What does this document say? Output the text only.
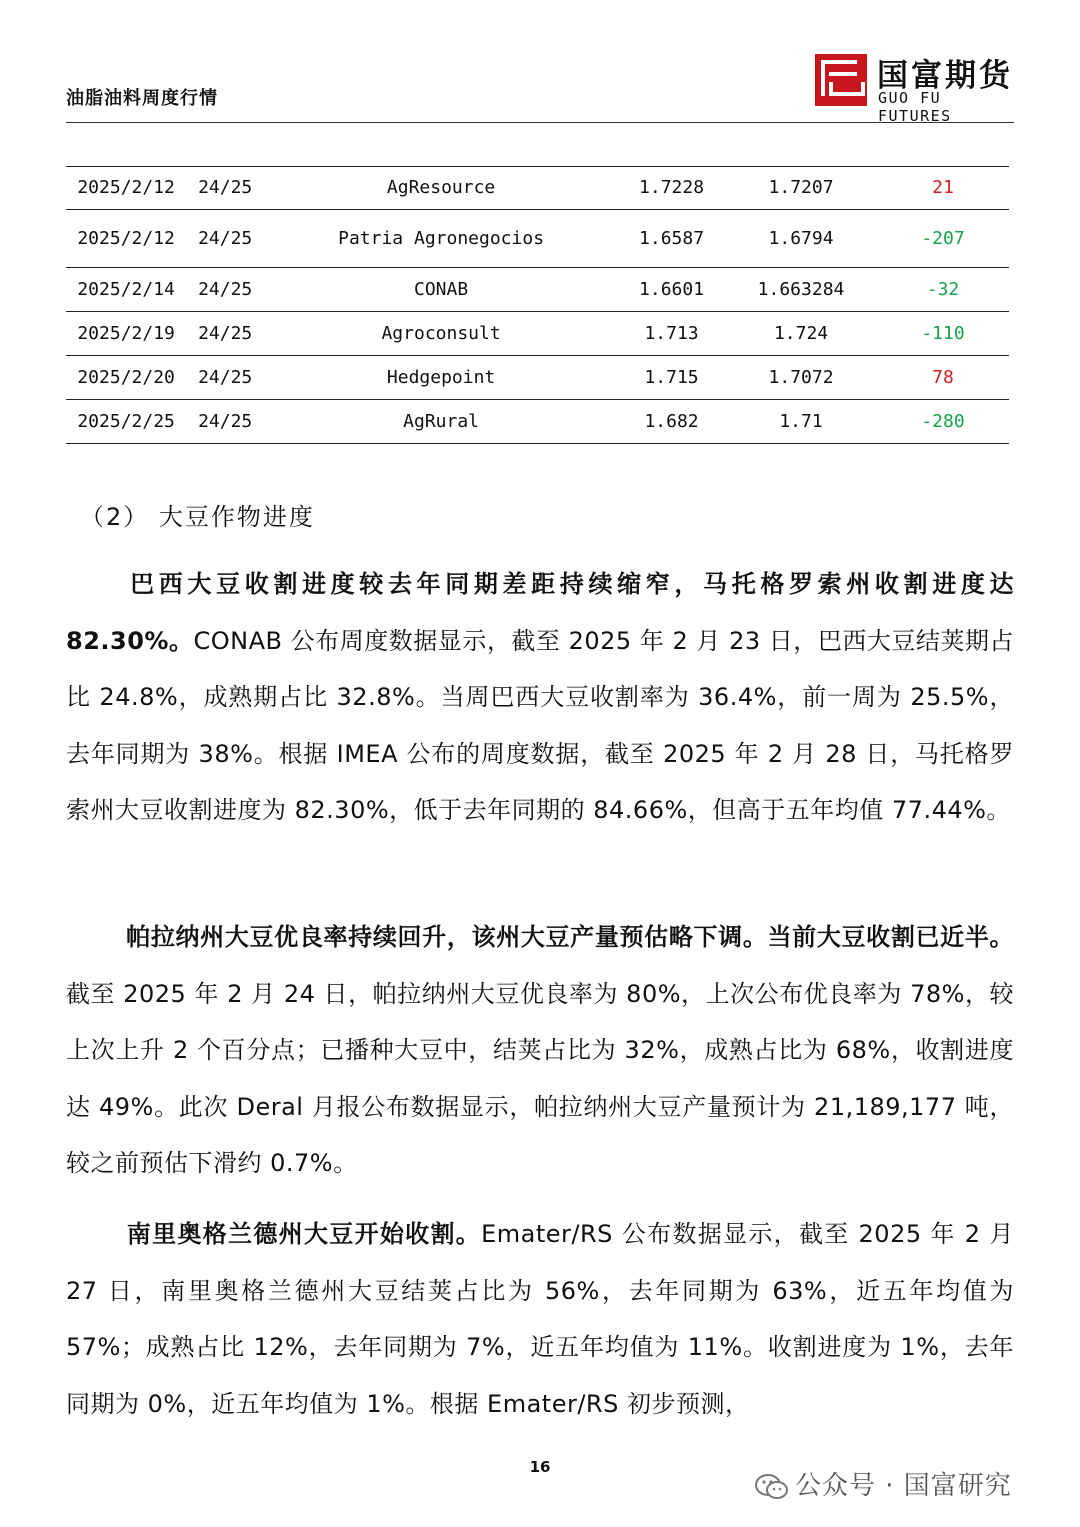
油脂油料周度行情
国富期货
GUO FU FUTURES
2025/2/12	24/25	AgResource	1.7228	1.7207	21
2025/2/12	24/25	Patria Agronegocios	1.6587	1.6794	-207
2025/2/14	24/25	CONAB	1.6601	1.663284	-32
2025/2/19	24/25	Agroconsult	1.713	1.724	-110
2025/2/20	24/25	Hedgepoint	1.715	1.7072	78
2025/2/25	24/25	AgRural	1.682	1.71	-280
（2） 大豆作物进度
巴西大豆收割进度较去年同期差距持续缩窄，马托格罗索州收割进度达 82.30%。CONAB 公布周度数据显示，截至 2025 年 2 月 23 日，巴西大豆结荚期占比 24.8%，成熟期占比 32.8%。当周巴西大豆收割率为 36.4%，前一周为 25.5%，去年同期为 38%。根据 IMEA 公布的周度数据，截至 2025 年 2 月 28 日，马托格罗索州大豆收割进度为 82.30%，低于去年同期的 84.66%，但高于五年均值 77.44%。
帕拉纳州大豆优良率持续回升，该州大豆产量预估略下调。当前大豆收割已近半。截至 2025 年 2 月 24 日，帕拉纳州大豆优良率为 80%，上次公布优良率为 78%，较上次上升 2 个百分点；已播种大豆中，结荚占比为 32%，成熟占比为 68%，收割进度达 49%。此次 Deral 月报公布数据显示，帕拉纳州大豆产量预计为 21,189,177 吨，较之前预估下滑约 0.7%。
南里奥格兰德州大豆开始收割。Emater/RS 公布数据显示，截至 2025 年 2 月 27 日，南里奥格兰德州大豆结荚占比为 56%，去年同期为 63%，近五年均值为 57%；成熟占比 12%，去年同期为 7%，近五年均值为 11%。收割进度为 1%，去年同期为 0%，近五年均值为 1%。根据 Emater/RS 初步预测，
16
公众号 · 国富研究
